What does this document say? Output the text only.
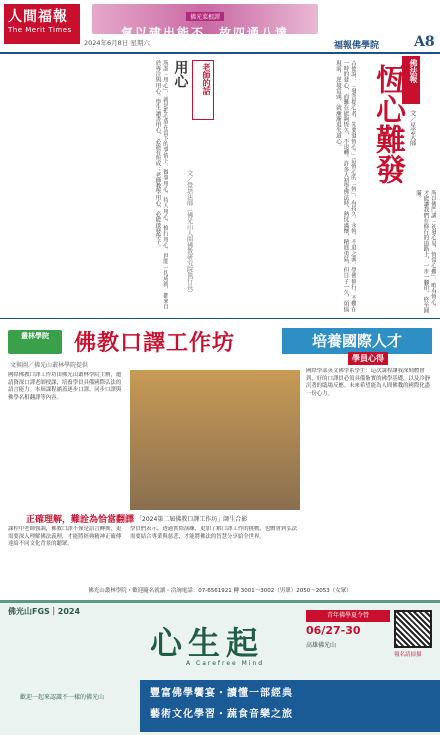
人間福報
The Merit Times
2024年6月8日 星期六
佛光菜根譚
氣以建出能不，故四通八達
福報佛學院 A8
佛法報
恆心難發 文／星雲大師
古德說：「發菩提心者，先要發恆心。」這恆心的「恆」，有持久、永恆、不退之義。學佛修行，不難在一時的發心，而難在能夠恆久、不退轉。許多人初學佛法時，熱忱滿懷，精進勇猛，但日子一久，煩惱現前，逆境當頭，就漸漸退失道心。
所以佛門講「初發心易，恆常心難」。唯有恆心，才能讓我們在修行的道路上，一步一腳印，終至圓滿。
老師的話
用心
文／覺培法師（佛光山人間佛教研究院執行長）
所謂「用心」，就是把心放在當下的事情上。做事用心，待人用心，修行用心。世間一切成就，都來自於專注與用心。學生讀書用心，必能有所成；老師教學用心，必能啟發學子。
叢林學院	佛教口譯工作坊	培養國際人才
文與圖／佛光山叢林學院提供
學員心得
國際佛教口譯工作坊由佛光山叢林學院主辦，邀請資深口譯老師授課，培養學員具備國際弘法的語言能力。本屆課程涵蓋逐步口譯、同步口譯與佛學名相翻譯等內容。
正確理解，難詮為恰當翻譯
課程中老師強調，佛教口譯不僅是語言轉換，更需要深入理解佛法義理，才能將經典精神正確傳達給不同文化背景的聽眾。
「2024第二屆佛教口譯工作坊」師生合影
學員們表示，透過實際演練，更加了解口譯工作的挑戰，也體會到弘法需要結合專業與慈悲，才能將佛法的智慧分享給全世界。
國際學部英文佛學系學生：這次課程讓我深刻體會到，好的口譯員必須具備紮實的佛學基礎，以及冷靜沉著的臨場反應。未來希望能為人間佛教的國際化盡一份心力。
佛光山叢林學院・歡迎隨名就讀・洽詢電話：07-6561921 轉 3001～3002（男眾）2050～2053（女眾）
佛光山FGS｜2024
心生起
A Carefree Mind
青年佛學夏令營
06/27-30
高雄佛光山
報名請掃描
歡迎一起來認識不一樣的佛光山	豐富佛學饗宴・讀懂一部經典
藝術文化學習・蔬食音樂之旅
